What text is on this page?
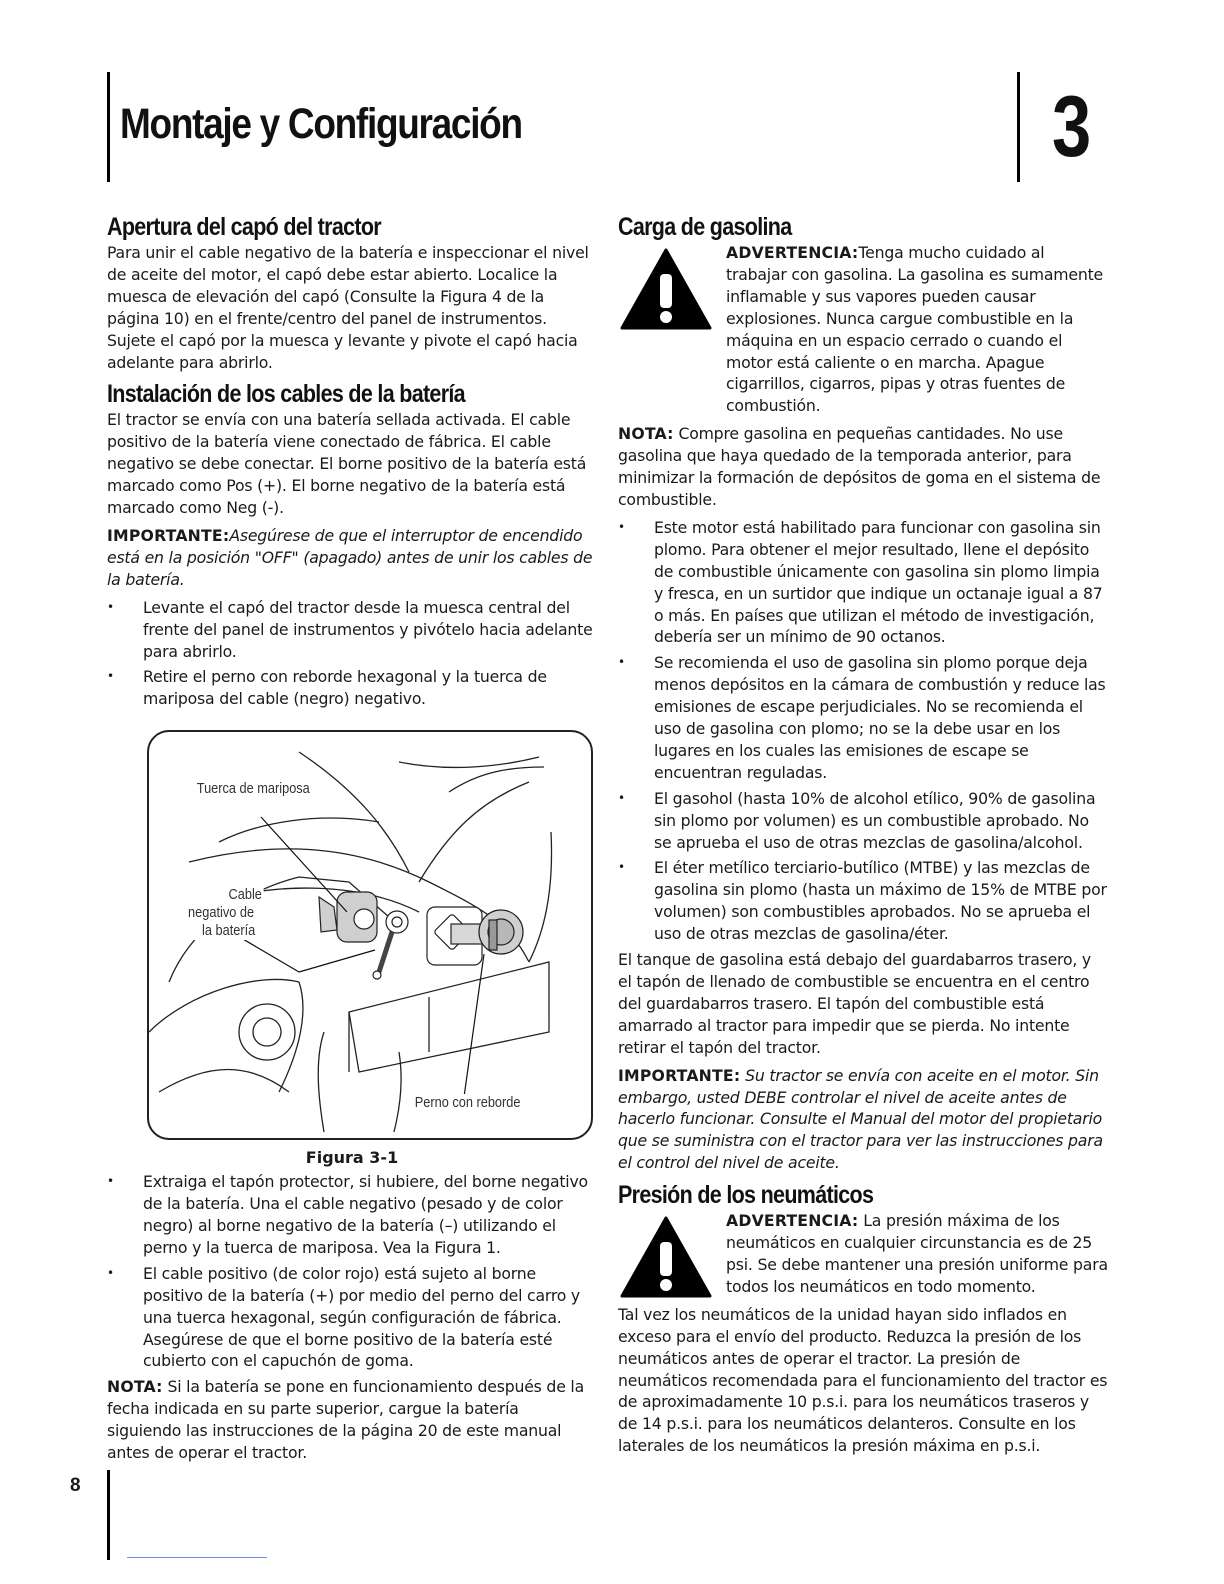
Montaje y Configuración	3
Apertura del capó del tractor

Para unir el cable negativo de la batería e inspeccionar el nivel de aceite del motor, el capó debe estar abierto. Localice la muesca de elevación del capó (Consulte la Figura 4 de la página 10) en el frente/centro del panel de instrumentos. Sujete el capó por la muesca y levante y pivote el capó hacia adelante para abrirlo.

Instalación de los cables de la batería

El tractor se envía con una batería sellada activada. El cable positivo de la batería viene conectado de fábrica. El cable negativo se debe conectar. El borne positivo de la batería está marcado como Pos (+). El borne negativo de la batería está marcado como Neg (-).

IMPORTANTE:Asegúrese de que el interruptor de encendido está en la posición "OFF" (apagado) antes de unir los cables de la batería.

• Levante el capó del tractor desde la muesca central del frente del panel de instrumentos y pivótelo hacia adelante para abrirlo.
• Retire el perno con reborde hexagonal y la tuerca de mariposa del cable (negro) negativo.
Tuerca de mariposa
Cable
negativo de
la batería
Perno con reborde
Figura 3-1
• Extraiga el tapón protector, si hubiere, del borne negativo de la batería. Una el cable negativo (pesado y de color negro) al borne negativo de la batería (–) utilizando el perno y la tuerca de mariposa. Vea la Figura 1.
• El cable positivo (de color rojo) está sujeto al borne positivo de la batería (+) por medio del perno del carro y una tuerca hexagonal, según configuración de fábrica. Asegúrese de que el borne positivo de la batería esté cubierto con el capuchón de goma.

NOTA: Si la batería se pone en funcionamiento después de la fecha indicada en su parte superior, cargue la batería siguiendo las instrucciones de la página 20 de este manual antes de operar el tractor.

Carga de gasolina

ADVERTENCIA:Tenga mucho cuidado al trabajar con gasolina. La gasolina es sumamente inflamable y sus vapores pueden causar explosiones. Nunca cargue combustible en la máquina en un espacio cerrado o cuando el motor está caliente o en marcha. Apague cigarrillos, cigarros, pipas y otras fuentes de combustión.

NOTA: Compre gasolina en pequeñas cantidades. No use gasolina que haya quedado de la temporada anterior, para minimizar la formación de depósitos de goma en el sistema de combustible.

• Este motor está habilitado para funcionar con gasolina sin plomo. Para obtener el mejor resultado, llene el depósito de combustible únicamente con gasolina sin plomo limpia y fresca, en un surtidor que indique un octanaje igual a 87 o más. En países que utilizan el método de investigación, debería ser un mínimo de 90 octanos.
• Se recomienda el uso de gasolina sin plomo porque deja menos depósitos en la cámara de combustión y reduce las emisiones de escape perjudiciales. No se recomienda el uso de gasolina con plomo; no se la debe usar en los lugares en los cuales las emisiones de escape se encuentran reguladas.
• El gasohol (hasta 10% de alcohol etílico, 90% de gasolina sin plomo por volumen) es un combustible aprobado. No se aprueba el uso de otras mezclas de gasolina/alcohol.
• El éter metílico terciario-butílico (MTBE) y las mezclas de gasolina sin plomo (hasta un máximo de 15% de MTBE por volumen) son combustibles aprobados. No se aprueba el uso de otras mezclas de gasolina/éter.

El tanque de gasolina está debajo del guardabarros trasero, y el tapón de llenado de combustible se encuentra en el centro del guardabarros trasero. El tapón del combustible está amarrado al tractor para impedir que se pierda. No intente retirar el tapón del tractor.

IMPORTANTE: Su tractor se envía con aceite en el motor. Sin embargo, usted DEBE controlar el nivel de aceite antes de hacerlo funcionar. Consulte el Manual del motor del propietario que se suministra con el tractor para ver las instrucciones para el control del nivel de aceite.

Presión de los neumáticos

ADVERTENCIA: La presión máxima de los neumáticos en cualquier circunstancia es de 25 psi. Se debe mantener una presión uniforme para todos los neumáticos en todo momento.

Tal vez los neumáticos de la unidad hayan sido inflados en exceso para el envío del producto. Reduzca la presión de los neumáticos antes de operar el tractor. La presión de neumáticos recomendada para el funcionamiento del tractor es de aproximadamente 10 p.s.i. para los neumáticos traseros y de 14 p.s.i. para los neumáticos delanteros. Consulte en los laterales de los neumáticos la presión máxima en p.s.i.

8
